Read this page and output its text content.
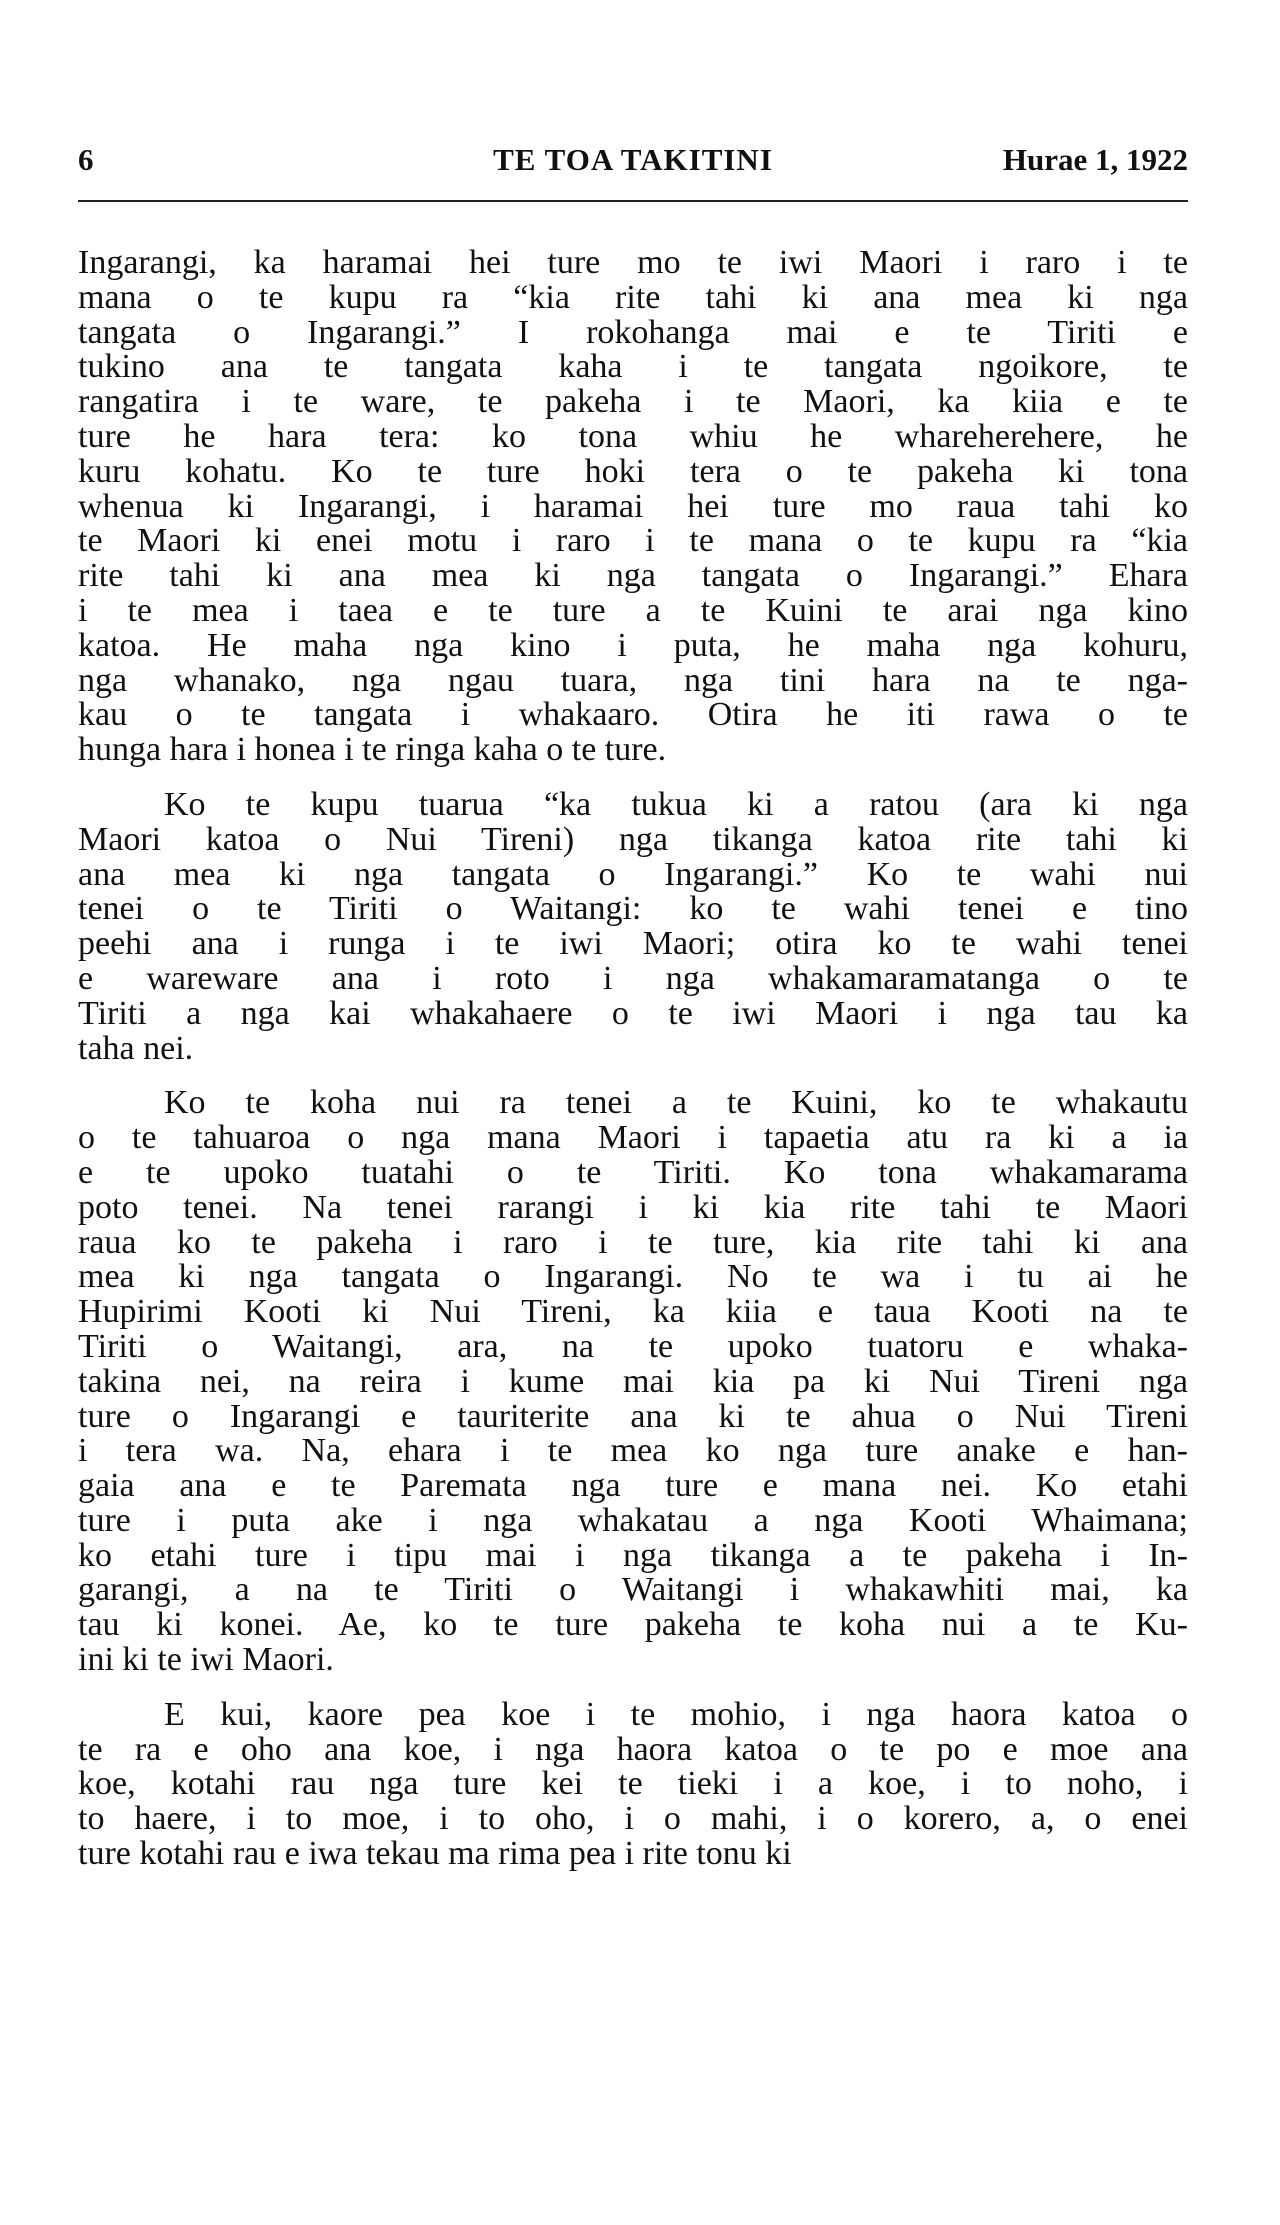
6	TE TOA TAKITINI	Hurae 1, 1922

Ingarangi, ka haramai hei ture mo te iwi Maori i raro i te
mana o te kupu ra “kia rite tahi ki ana mea ki nga
tangata o Ingarangi.” I rokohanga mai e te Tiriti e
tukino ana te tangata kaha i te tangata ngoikore, te
rangatira i te ware, te pakeha i te Maori, ka kiia e te
ture he hara tera: ko tona whiu he whareherehere, he
kuru kohatu. Ko te ture hoki tera o te pakeha ki tona
whenua ki Ingarangi, i haramai hei ture mo raua tahi ko
te Maori ki enei motu i raro i te mana o te kupu ra “kia
rite tahi ki ana mea ki nga tangata o Ingarangi.” Ehara
i te mea i taea e te ture a te Kuini te arai nga kino
katoa. He maha nga kino i puta, he maha nga kohuru,
nga whanako, nga ngau tuara, nga tini hara na te nga-
kau o te tangata i whakaaro. Otira he iti rawa o te
hunga hara i honea i te ringa kaha o te ture.

Ko te kupu tuarua “ka tukua ki a ratou (ara ki nga
Maori katoa o Nui Tireni) nga tikanga katoa rite tahi ki
ana mea ki nga tangata o Ingarangi.” Ko te wahi nui
tenei o te Tiriti o Waitangi: ko te wahi tenei e tino
peehi ana i runga i te iwi Maori; otira ko te wahi tenei
e wareware ana i roto i nga whakamaramatanga o te
Tiriti a nga kai whakahaere o te iwi Maori i nga tau ka
taha nei.

Ko te koha nui ra tenei a te Kuini, ko te whakautu
o te tahuaroa o nga mana Maori i tapaetia atu ra ki a ia
e te upoko tuatahi o te Tiriti. Ko tona whakamarama
poto tenei. Na tenei rarangi i ki kia rite tahi te Maori
raua ko te pakeha i raro i te ture, kia rite tahi ki ana
mea ki nga tangata o Ingarangi. No te wa i tu ai he
Hupirimi Kooti ki Nui Tireni, ka kiia e taua Kooti na te
Tiriti o Waitangi, ara, na te upoko tuatoru e whaka-
takina nei, na reira i kume mai kia pa ki Nui Tireni nga
ture o Ingarangi e tauriterite ana ki te ahua o Nui Tireni
i tera wa. Na, ehara i te mea ko nga ture anake e han-
gaia ana e te Paremata nga ture e mana nei. Ko etahi
ture i puta ake i nga whakatau a nga Kooti Whaimana;
ko etahi ture i tipu mai i nga tikanga a te pakeha i In-
garangi, a na te Tiriti o Waitangi i whakawhiti mai, ka
tau ki konei. Ae, ko te ture pakeha te koha nui a te Ku-
ini ki te iwi Maori.

E kui, kaore pea koe i te mohio, i nga haora katoa o
te ra e oho ana koe, i nga haora katoa o te po e moe ana
koe, kotahi rau nga ture kei te tieki i a koe, i to noho, i
to haere, i to moe, i to oho, i o mahi, i o korero, a, o enei
ture kotahi rau e iwa tekau ma rima pea i rite tonu ki
